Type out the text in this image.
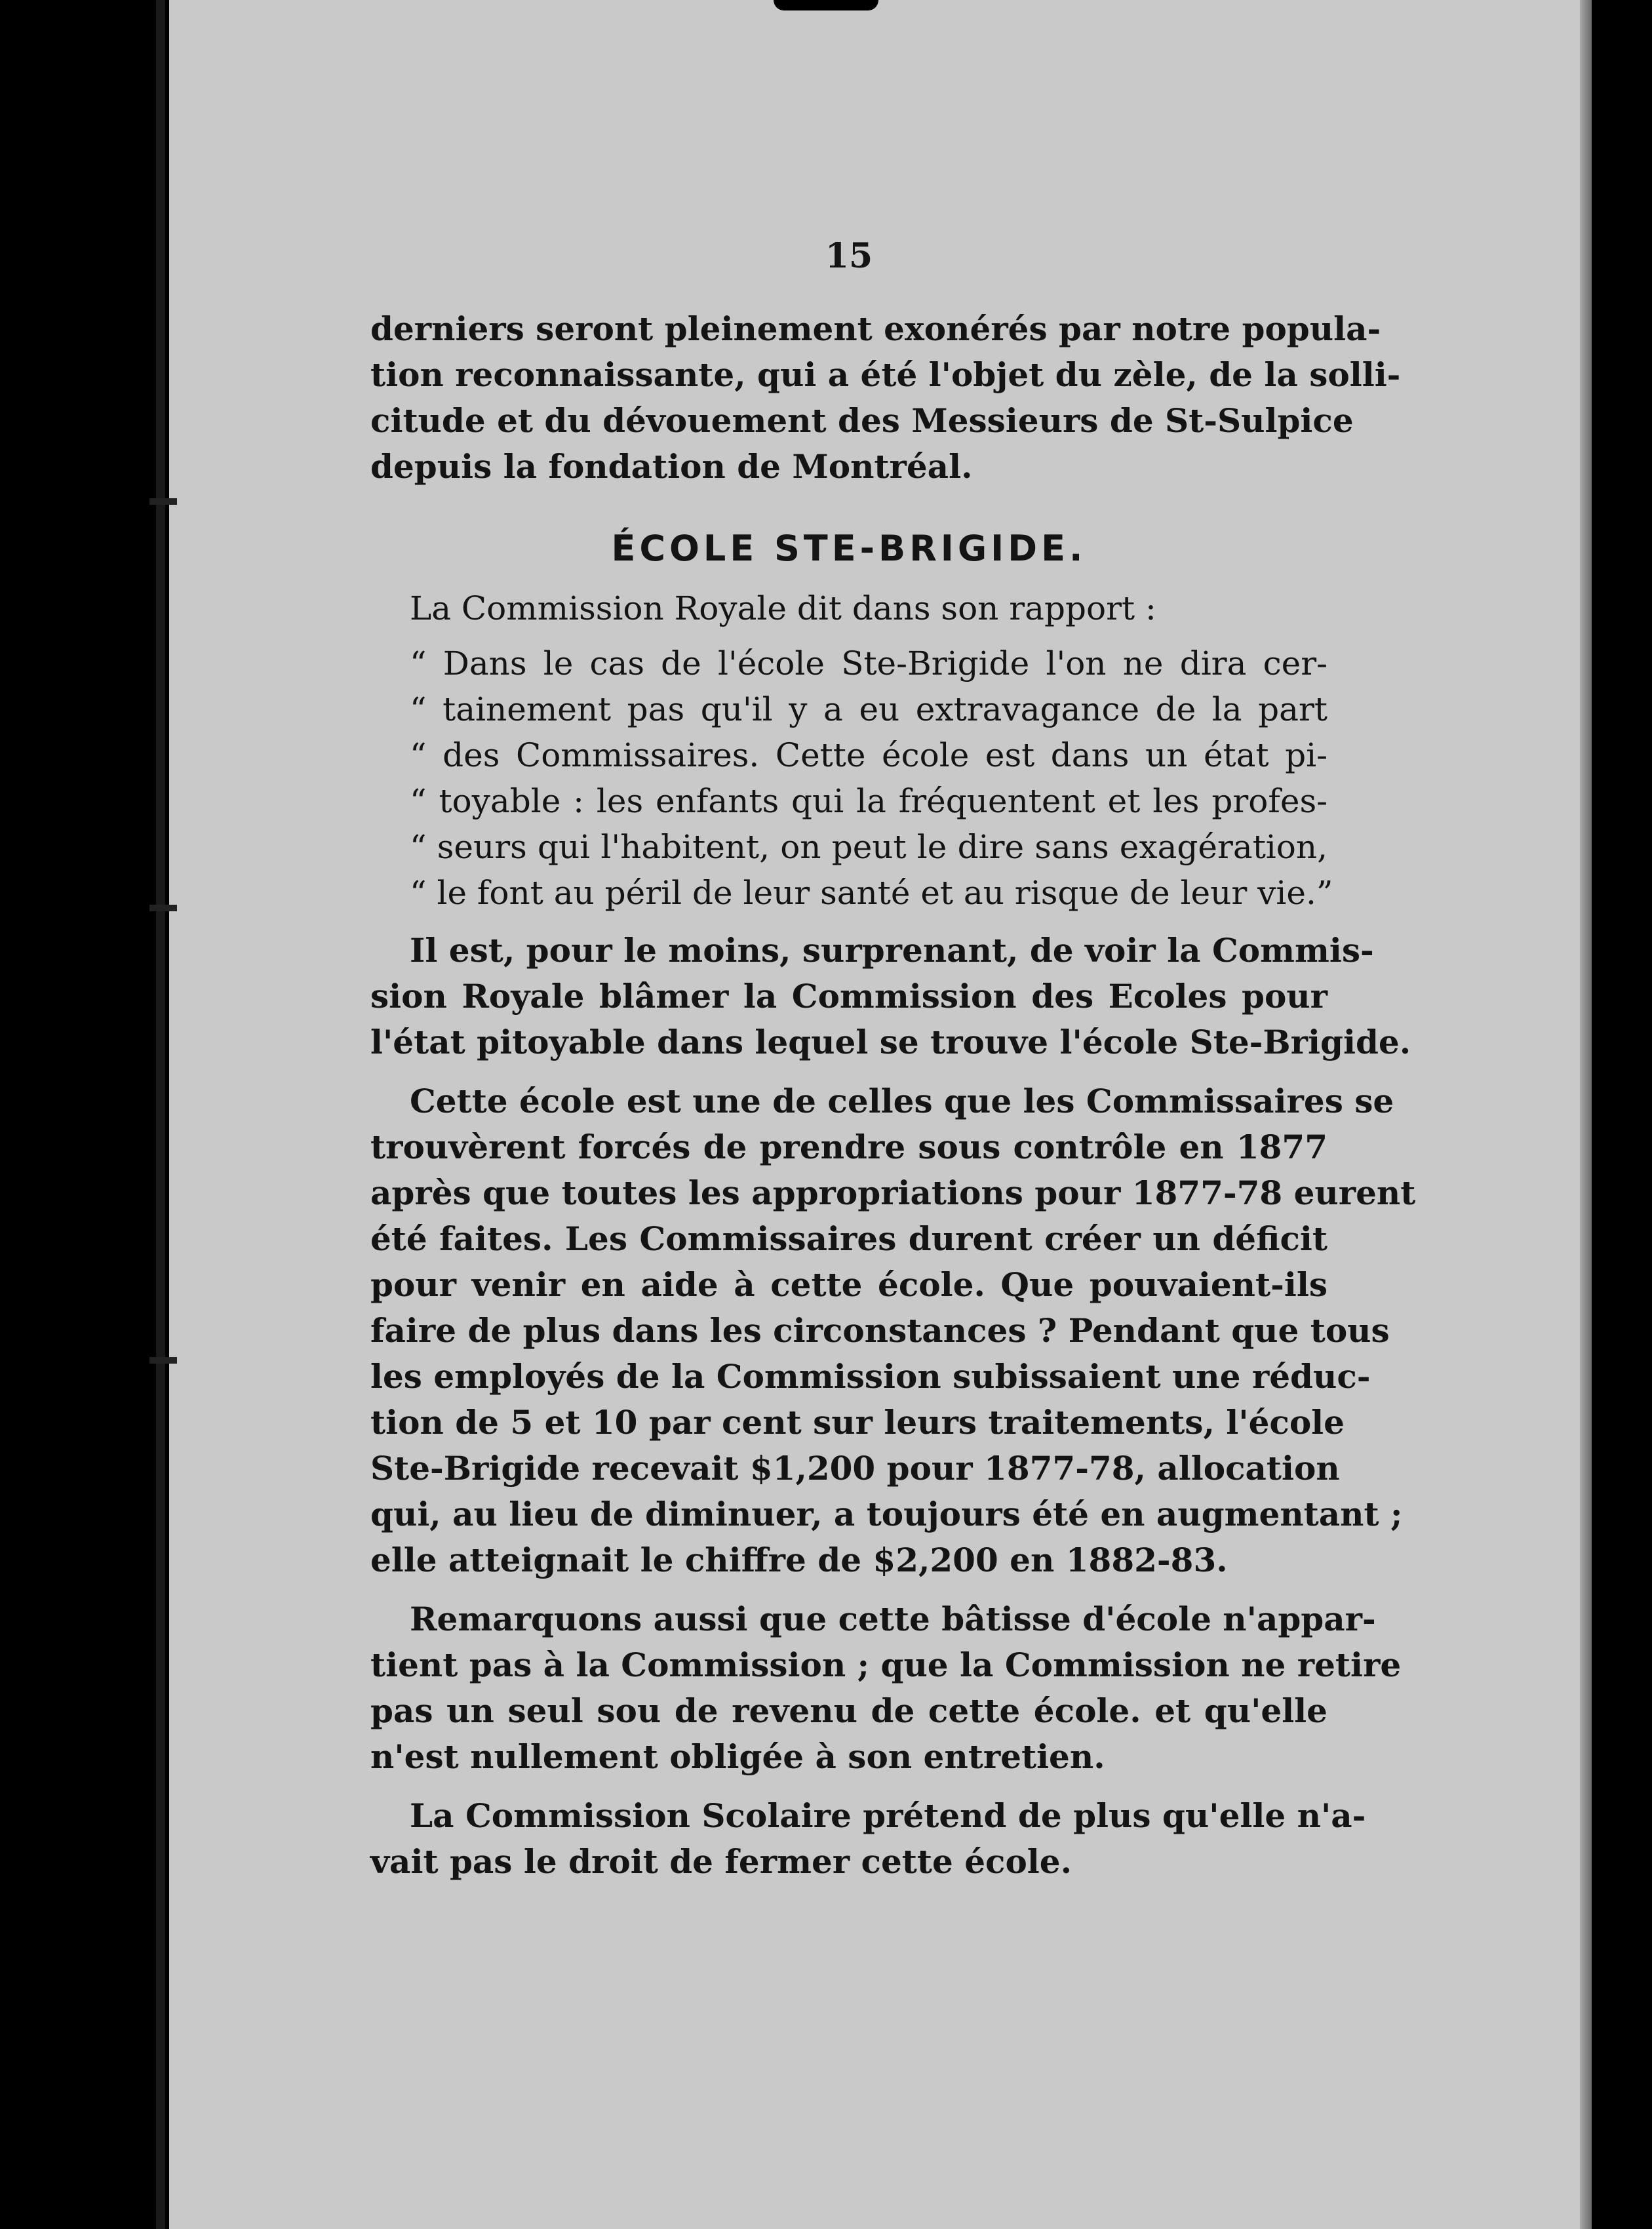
15
derniers seront pleinement exonérés par notre popula-
tion reconnaissante, qui a été l'objet du zèle, de la solli-
citude et du dévouement des Messieurs de St-Sulpice
depuis la fondation de Montréal.
ÉCOLE STE-BRIGIDE.
La Commission Royale dit dans son rapport :
“ Dans le cas de l'école Ste-Brigide l'on ne dira cer-
“ tainement pas qu'il y a eu extravagance de la part
“ des Commissaires. Cette école est dans un état pi-
“ toyable : les enfants qui la fréquentent et les profes-
“ seurs qui l'habitent, on peut le dire sans exagération,
“ le font au péril de leur santé et au risque de leur vie.”
Il est, pour le moins, surprenant, de voir la Commis-
sion Royale blâmer la Commission des Ecoles pour
l'état pitoyable dans lequel se trouve l'école Ste-Brigide.
Cette école est une de celles que les Commissaires se
trouvèrent forcés de prendre sous contrôle en 1877
après que toutes les appropriations pour 1877-78 eurent
été faites. Les Commissaires durent créer un déficit
pour venir en aide à cette école. Que pouvaient-ils
faire de plus dans les circonstances ? Pendant que tous
les employés de la Commission subissaient une réduc-
tion de 5 et 10 par cent sur leurs traitements, l'école
Ste-Brigide recevait $1,200 pour 1877-78, allocation
qui, au lieu de diminuer, a toujours été en augmentant ;
elle atteignait le chiffre de $2,200 en 1882-83.
Remarquons aussi que cette bâtisse d'école n'appar-
tient pas à la Commission ; que la Commission ne retire
pas un seul sou de revenu de cette école. et qu'elle
n'est nullement obligée à son entretien.
La Commission Scolaire prétend de plus qu'elle n'a-
vait pas le droit de fermer cette école.
